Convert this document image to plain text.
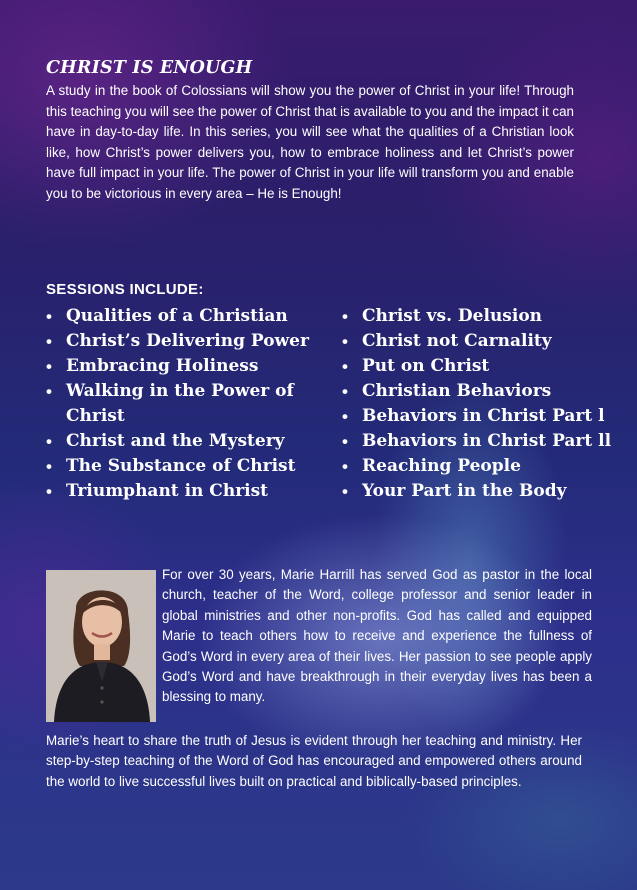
CHRIST IS ENOUGH

A study in the book of Colossians will show you the power of Christ in your life! Through this teaching you will see the power of Christ that is available to you and the impact it can have in day-to-day life. In this series, you will see what the qualities of a Christian look like, how Christ’s power delivers you, how to embrace holiness and let Christ’s power have full impact in your life. The power of Christ in your life will transform you and enable you to be victorious in every area – He is Enough!

SESSIONS INCLUDE:
• Qualities of a Christian
• Christ’s Delivering Power
• Embracing Holiness
• Walking in the Power of Christ
• Christ and the Mystery
• The Substance of Christ
• Triumphant in Christ
• Christ vs. Delusion
• Christ not Carnality
• Put on Christ
• Christian Behaviors
• Behaviors in Christ Part l
• Behaviors in Christ Part ll
• Reaching People
• Your Part in the Body

For over 30 years, Marie Harrill has served God as pastor in the local church, teacher of the Word, college professor and senior leader in global ministries and other non-profits. God has called and equipped Marie to teach others how to receive and experience the fullness of God’s Word in every area of their lives. Her passion to see people apply God’s Word and have breakthrough in their everyday lives has been a blessing to many.

Marie’s heart to share the truth of Jesus is evident through her teaching and ministry. Her step-by-step teaching of the Word of God has encouraged and empowered others around the world to live successful lives built on practical and biblically-based principles.
